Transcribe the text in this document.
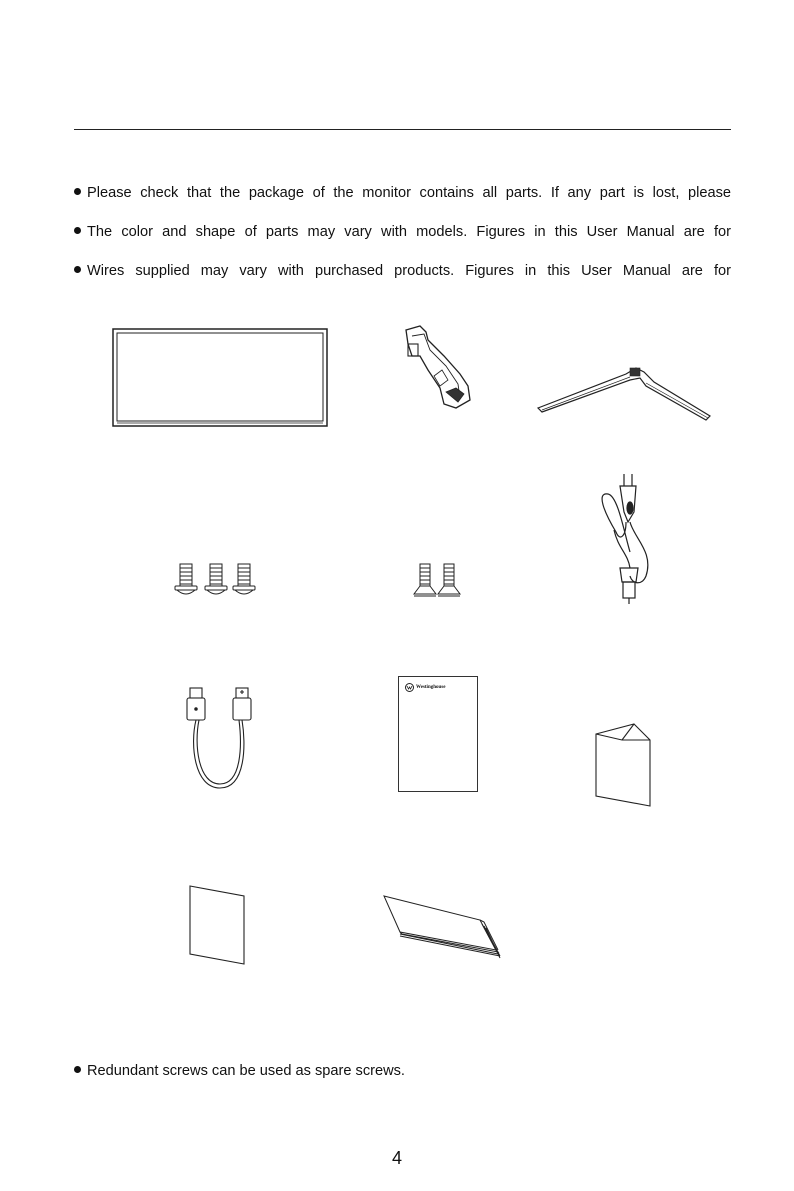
Please check that the package of the monitor contains all parts. If any part is lost, please
The color and shape of parts may vary with models. Figures in this User Manual are for
Wires supplied may vary with purchased products. Figures in this User Manual are for
Westinghouse
Redundant screws can be used as spare screws.
4
